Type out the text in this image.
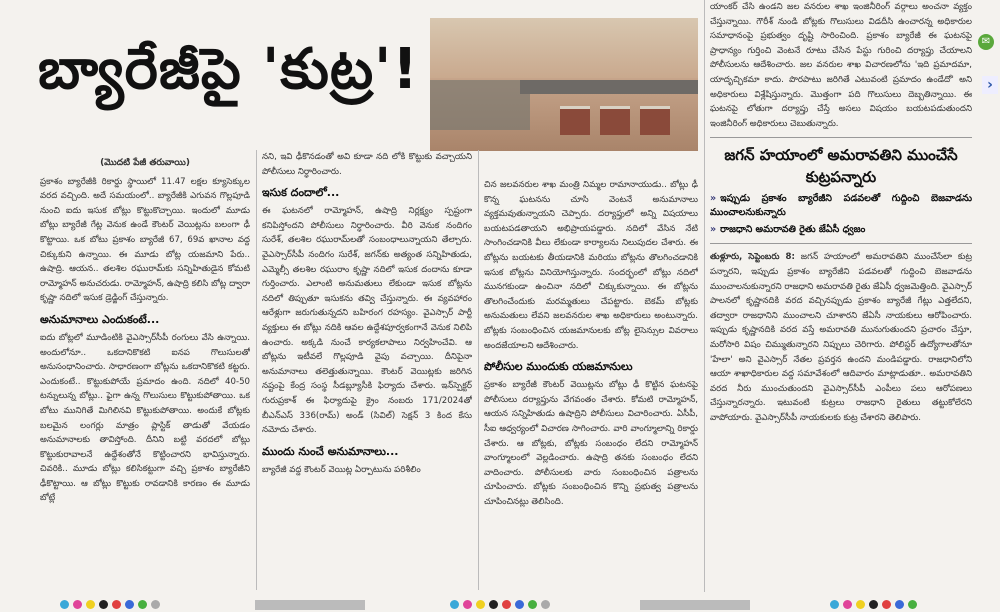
బ్యారేజీపై 'కుట్ర'!

(మొదటి పేజీ తరువాయి)

ప్రకాశం బ్యారేజీకి రికార్డు స్థాయిలో 11.47 లక్షల క్యూసెక్కుల వరద వచ్చింది. అదే సమయంలో.. బ్యారేజీకి ఎగువన గొల్లపూడి నుంచి ఐదు ఇసుక బోట్లు కొట్టుకొచ్చాయి. ఇందులో మూడు బోట్లు బ్యారేజీ గేట్ల వెనుక ఉండే కౌంటర్ వెయిట్లను బలంగా ఢీ కొట్టాయి. ఒక బోటు ప్రకాశం బ్యారేజీ 67, 69వ ఖానాల వద్ద చిక్కుకుని ఉన్నాయి. ఈ మూడు బోట్ల యజమాని పేరు.. ఉషాద్రి. ఆయన.. తలశిల రఘురామ్‌కు సన్నిహితుడైన కోమటి రామ్మోహన్ అనుచరుడు. రామ్మోహన్, ఉషాద్రి కలిసి బోట్ల ద్వారా కృష్ణా నదిలో ఇసుక డ్రెడ్జింగ్ చేస్తున్నారు.

అనుమానాలు ఎందుకంటే...

ఐదు బోట్లలో మూడింటికి వైఎస్సార్‌సీపీ రంగులు వేసి ఉన్నాయి. అందులోనూ.. ఒకదానికొకటి ఐనప గొలుసులతో అనుసంధానించారు. సాధారణంగా బోట్లను ఒకదానికొకటి కట్టరు. ఎందుకంటే.. కొట్టుకుపోయే ప్రమాదం ఉంది. నదిలో 40-50 టన్నులున్న బోట్లు.. ఫైగా ఉన్న గొలుసులు కొట్టుకుపోతాయి. ఒక బోటు మునిగితే మిగిలినవి కొట్టుకుపోతాయి. అందుకే బోట్లకు బలమైన లంగర్లు మాత్రం ప్లాస్టిక్ తాడుతో వేయడం అనుమానాలకు తావిస్తోంది. దీనిని బట్టి వరదలో బోట్లు కొట్టుకురావాలనే ఉద్దేశంతోనే కొట్టించారని భావిస్తున్నారు. చివరికి.. మూడు బోట్లు కలిసికట్టుగా వచ్చి ప్రకాశం బ్యారేజీని ఢీకొట్టాయి. ఆ బోట్లు కొట్టుకు రావడానికి కారణం ఈ మూడు బోట్లే

నని, ఇవి ఢీకొనడంతో అవి కూడా నది లోకి కొట్టుకు వచ్చాయని పోలీసులు నిర్ధారించారు.

ఇసుక దందాలో...

ఈ ఘటనలో రామ్మోహన్, ఉషాద్రి నిర్లక్ష్యం స్పష్టంగా కనిపిస్తోందని పోలీసులు నిర్ధారించారు. వీరి వెనుక నందిగం సురేశ్, తలశిల రఘురామ్‌లతో సంబంధాలున్నాయని తేల్చారు. వైఎస్సార్‌సీపీ నందిగం సురేశ్, జగన్‌కు అత్యంత సన్నిహితుడు, ఎమ్మెల్సీ తలశిల రఘురాం కృష్ణా నదిలో ఇసుక దందాను కూడా గుర్తించారు. ఎలాంటి అనుమతులు లేకుండా ఇసుక బోట్లను నదిలో తిప్పుతూ ఇసుకను తవ్వి చేస్తున్నారు. ఈ వ్యవహారం ఆరేళ్లుగా జరుగుతున్నదని బహిరంగ రహస్యం. వైఎస్సార్ పార్టీ వ్యక్తులు ఈ బోట్లు నదికి ఆవల ఉద్దేశపూర్వకంగానే వెనుక నిలిపి ఉంచారు. అక్కడి నుంచే కార్యకలాపాలు నిర్వహించేవి. ఆ బోట్లను ఇటీవలే గొల్లపూడి వైపు వచ్చాయి. దీనిపైనా అనుమానాలు తలెత్తుతున్నాయి. కౌంటర్ వెయిట్లకు జరిగిన నష్టంపై కేంద్ర సంస్థ సీడబ్ల్యూసీకి ఫిర్యాదు చేశారు. ఇన్‌స్పెక్టర్ గురుప్రకాశ్ ఈ ఫిర్యాదుపై క్రైం నంబరు 171/2024తో బీఎన్ఎస్ 336(రామ్) అండ్ (సివిల్) సెక్షన్ 3 కింద కేసు నమోదు చేశారు.

ముందు నుంచే అనుమానాలు...

బ్యారేజీ వద్ద కౌంటర్ వెయిట్ల ఏర్పాటును పరిశీలిం

చిన జలవనరుల శాఖ మంత్రి నిమ్మల రామానాయుడు.. బోట్లు ఢీ కొన్న ఘటనను చూసి వెంటనే అనుమానాలు వ్యక్తమవుతున్నాయని చెప్పారు. దర్యాప్తులో అన్ని విషయాలు బయటపడతాయని అభిప్రాయపడ్డారు. నదిలో వేసిన నేటి సాంగించడానికి వీలు లేకుండా కార్యాలను నిలుపుదల చేశారు. ఈ బోట్లను బయటకు తీయడానికి మరియు బోట్లను తొలగించడానికి ఇసుక బోట్లను వినియోగిస్తున్నారు. సందర్భంలో బోట్లు నదిలో మునగకుండా ఉంచినా నదిలో చిక్కుకున్నాయి. ఈ బోట్లను తొలగించేందుకు మరమ్మతులు చేపట్టారు. బెకమ్ బోట్లకు అనుమతులు లేవని జలవనరుల శాఖ అధికారులు అంటున్నారు. బోట్లకు సంబంధించిన యజమానులకు బోట్ల లైసెన్సుల వివరాలు అందజేయాలని ఆదేశించారు.

పోలీసుల ముందుకు యజమానులు

ప్రకాశం బ్యారేజీ కౌంటర్ వెయిట్లను బోట్లు ఢీ కొట్టిన ఘటనపై పోలీసులు దర్యాప్తును వేగవంతం చేశారు. కోమటి రామ్మోహన్, ఆయన సన్నిహితుడు ఉషాద్రిని పోలీసులు విచారించారు. ఏసీపీ, సీఐ ఆధ్వర్యంలో విచారణ సాగించారు. వారి వాంగ్మూలాన్ని రికార్డు చేశారు. ఆ బోట్లకు, బోట్లకు సంబంధం లేదని రామ్మోహన్ వాంగ్మూలంలో వెల్లడించారు. ఉషాద్రి తనకు సంబంధం లేదని వాదించారు. పోలీసులకు వారు సంబంధించిన పత్రాలను చూపించారు. బోట్లకు సంబంధించిన కొన్ని ప్రభుత్వ పత్రాలను చూపించినట్లు తెలిసింది.

యాంకర్ చేసి ఉండని జల వనరుల శాఖ ఇంజినీరింగ్ వర్గాలు అంచనా వ్యక్తం చేస్తున్నాయి. గౌరీశ్ నుండి బోట్లకు గొలుసులు విడదీసి ఉంచారన్న అధికారుల సమాధానంపై ప్రభుత్వం దృష్టి సారించింది. ప్రకాశం బ్యారేజీ ఈ ఘటనపై ప్రాధాన్యం గుర్తించి వెంటనే రూటు చేసిన పేస్టు గురించి దర్యాప్తు చేయాలని పోలీసులను ఆదేశించారు. జల వనరుల శాఖ విచారణలోను 'ఇది ప్రమాదమా, యాదృచ్ఛికమా కాదు. పొరపాటు జరిగితే ఎటువంటి ప్రమాదం ఉండేదో' అని అధికారులు విశ్లేషిస్తున్నారు. మొత్తంగా పది గొలుసులు దెబ్బతిన్నాయి. ఈ ఘటనపై లోతుగా దర్యాప్తు చేస్తే అసలు విషయం బయటపడుతుందని ఇంజినీరింగ్ అధికారులు చెబుతున్నారు.

జగన్ హయాంలో అమరావతిని ముంచేసే కుట్రపన్నారు
» ఇప్పుడు ప్రకాశం బ్యారేజీని పడవలతో గుద్దించి బెజవాడను ముంచాలనుకున్నారు
» రాజధాని అమరావతి రైతు జేఏసీ ధ్వజం

తుళ్లూరు, సెప్టెంబరు 8: జగన్ హయాంలో అమరావతిని ముంచేసేలా కుట్ర పన్నారని, ఇప్పుడు ప్రకాశం బ్యారేజీని పడవలతో గుద్దించి బెజవాడను ముంచాలనుకున్నారని రాజధాని అమరావతి రైతు జేఏసీ ధ్వజమెత్తింది. వైఎస్సార్ పాలనలో కృష్ణానదికి వరద వచ్చినప్పుడు ప్రకాశం బ్యారేజీ గేట్లు ఎత్తలేదని, తద్వారా రాజధానిని ముంచాలని చూశారని జేఏసీ నాయకులు ఆరోపించారు. ఇప్పుడు కృష్ణానదికి వరద వస్తే అమరావతి మునుగుతుందని ప్రచారం చేస్తూ, మరోసారి విషం చిమ్ముతున్నారని నిప్పులు చెరిగారు. పోలిస్టర్ ఉద్యోగాలతోనూ 'హేలా' అని వైఎస్సార్ నేతల ప్రవర్తన ఉందని మండిపడ్డారు. రాజధానిలోని ఆయా శాఖాధికారుల వద్ద సమావేశంలో ఆదివారం మాట్లాడుతూ.. అమరావతిని వరద నీరు ముంచుతుందని వైఎస్సార్‌సీపీ ఎంపీలు పలు ఆరోపణలు చేస్తున్నారన్నారు. ఇటువంటి కుట్రలు రాజధాని రైతులు తట్టుకోలేరని వాపోయారు. వైఎస్సార్‌సీపీ నాయకులకు కుట్ర చేశారని తెలిపారు.

✉
›
